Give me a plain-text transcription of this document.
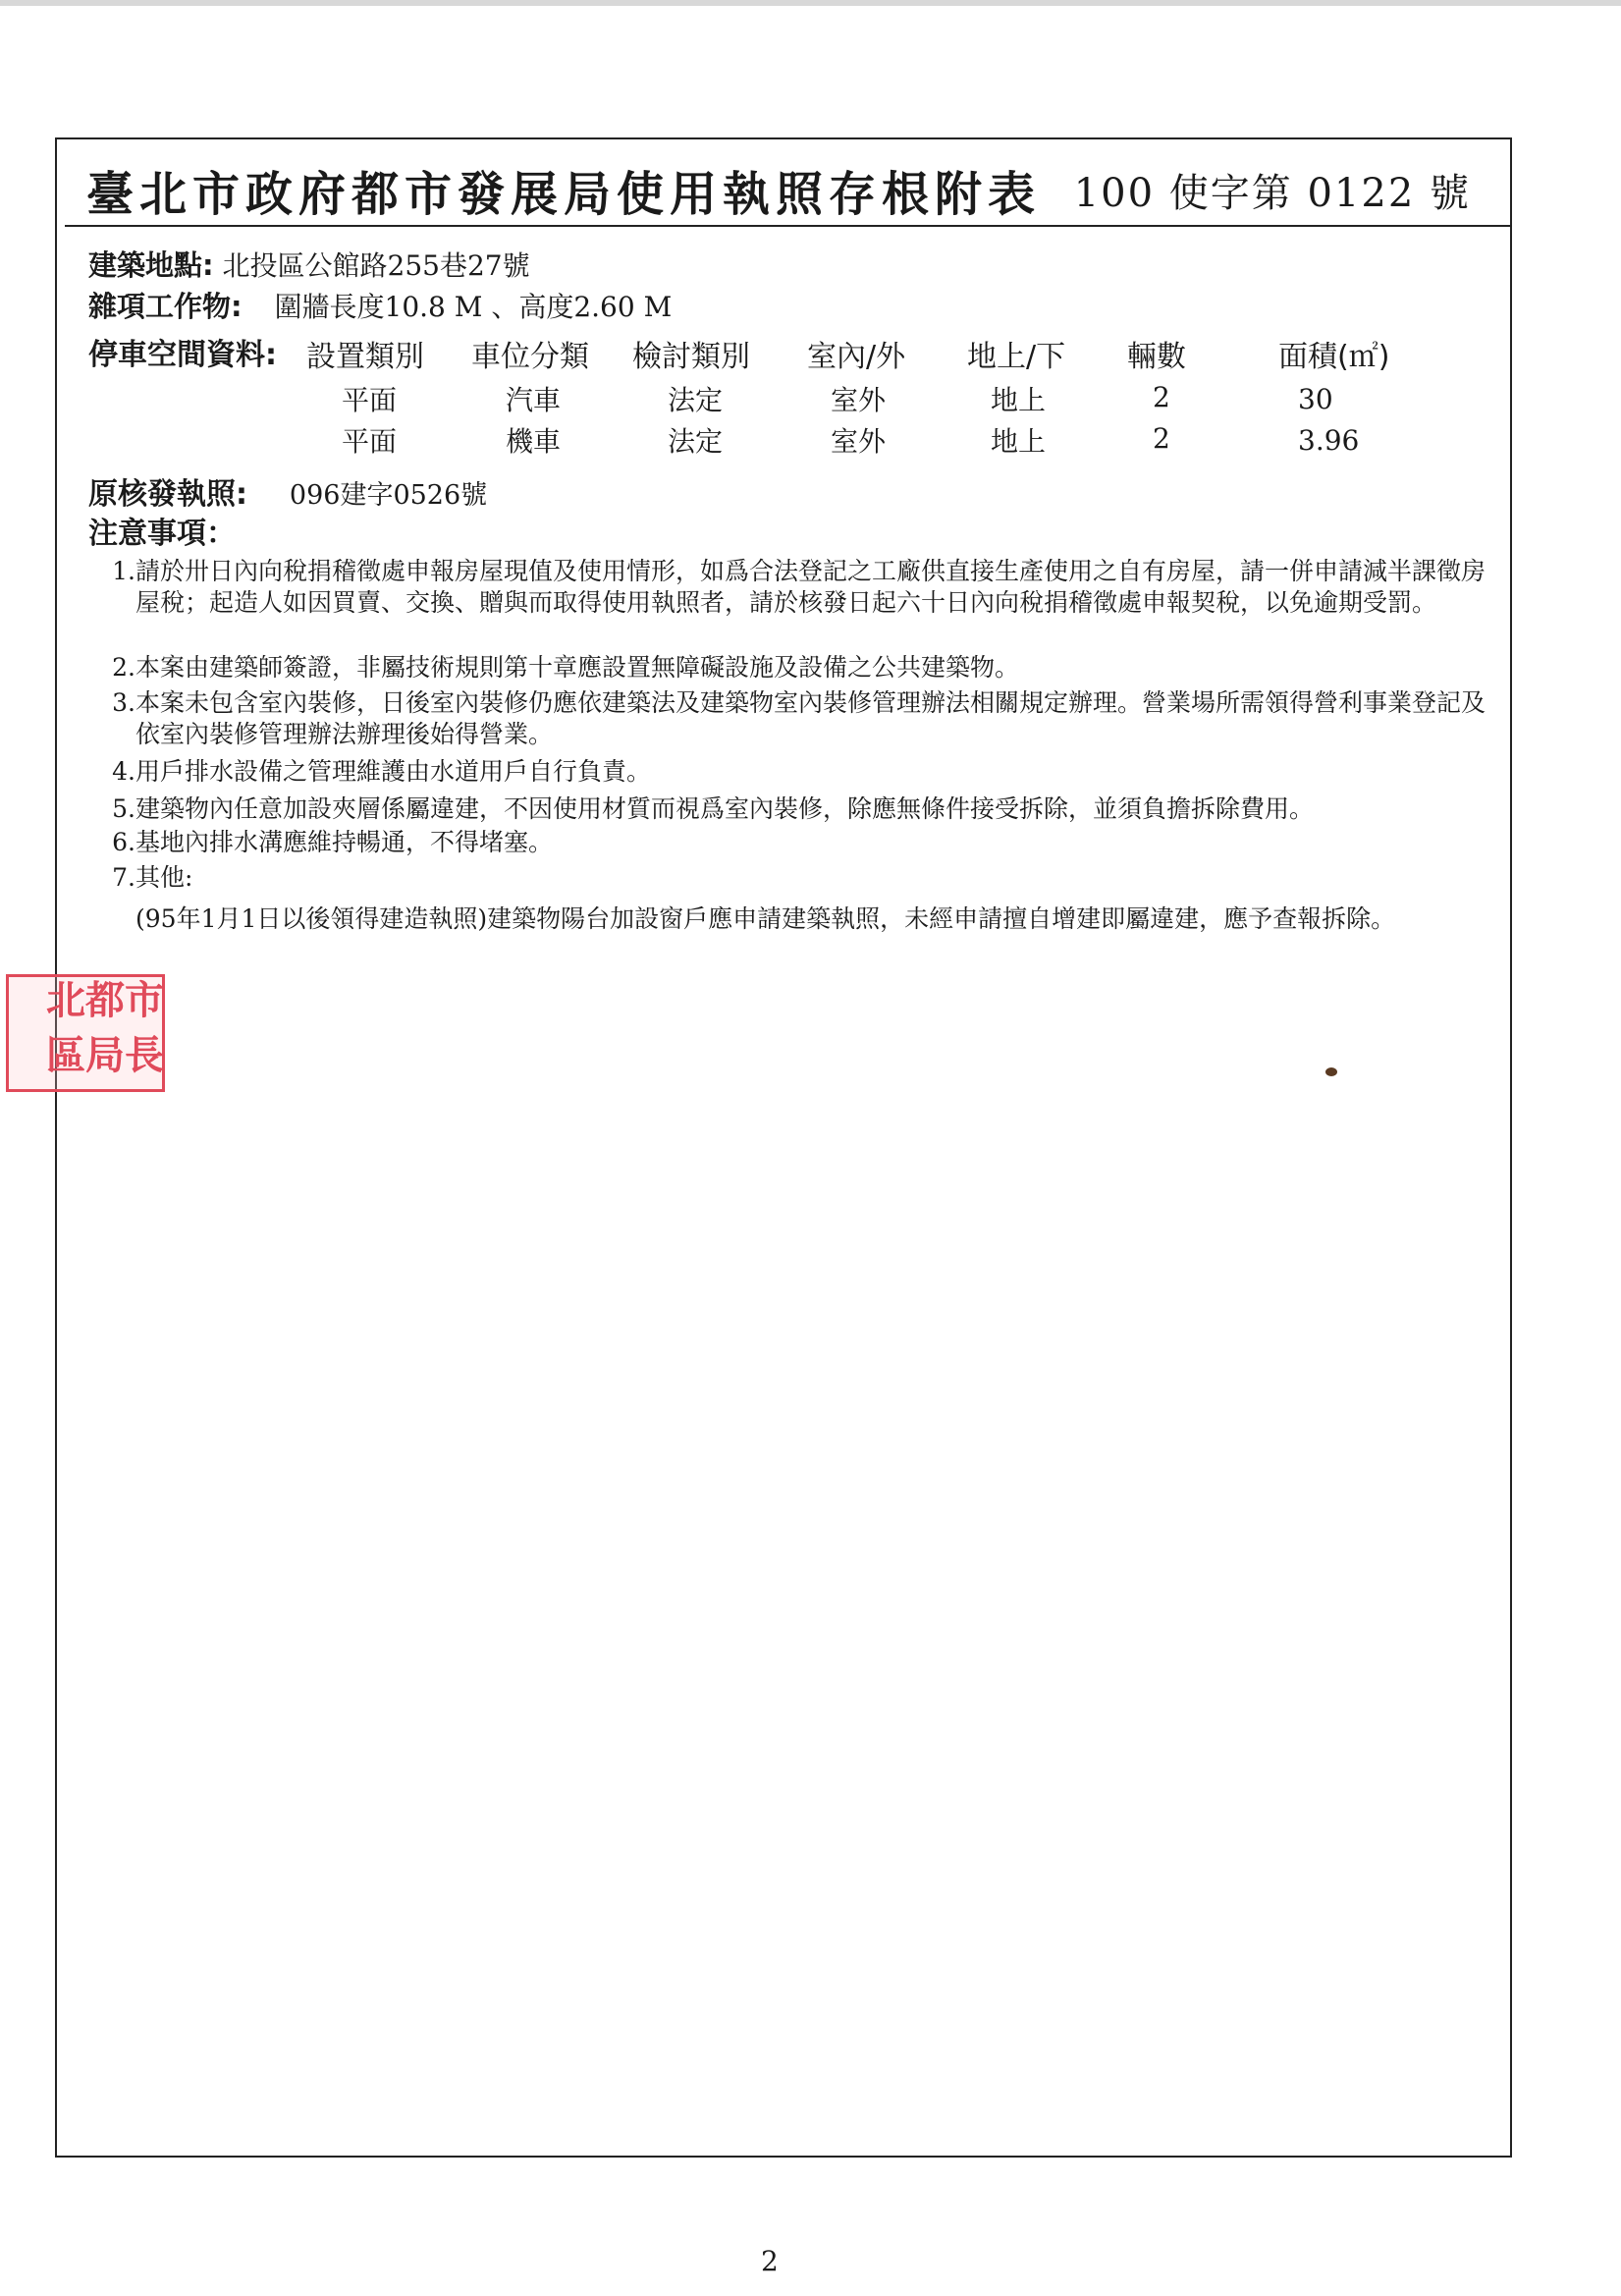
臺北市政府都市發展局使用執照存根附表 100 使字第 0122 號
建築地點: 北投區公館路255巷27號
雜項工作物: 圍牆長度10.8 M 、高度2.60 M
停車空間資料: 設置類別 車位分類 檢討類別 室內/外 地上/下 輛數	面積(㎡)
平面	汽車	法定	室外	地上	2	30
平面	機車	法定	室外	地上	2	3.96
原核發執照: 096建字0526號
注意事項：
1. 請於卅日內向稅捐稽徵處申報房屋現值及使用情形，如爲合法登記之工廠供直接生產使用之自有房屋，請一併申請減半課徵房屋稅；起造人如因買賣、交換、贈與而取得使用執照者，請於核發日起六十日內向稅捐稽徵處申報契稅，以免逾期受罰。
2. 本案由建築師簽證，非屬技術規則第十章應設置無障礙設施及設備之公共建築物。
3. 本案未包含室內裝修，日後室內裝修仍應依建築法及建築物室內裝修管理辦法相關規定辦理。營業場所需領得營利事業登記及依室內裝修管理辦法辦理後始得營業。
4. 用戶排水設備之管理維護由水道用戶自行負責。
5. 建築物內任意加設夾層係屬違建，不因使用材質而視爲室內裝修，除應無條件接受拆除，並須負擔拆除費用。
6. 基地內排水溝應維持暢通，不得堵塞。
7. 其他:
(95年1月1日以後領得建造執照)建築物陽台加設窗戶應申請建築執照，未經申請擅自增建即屬違建，應予查報拆除。
市
都
北
長
局
區
2
